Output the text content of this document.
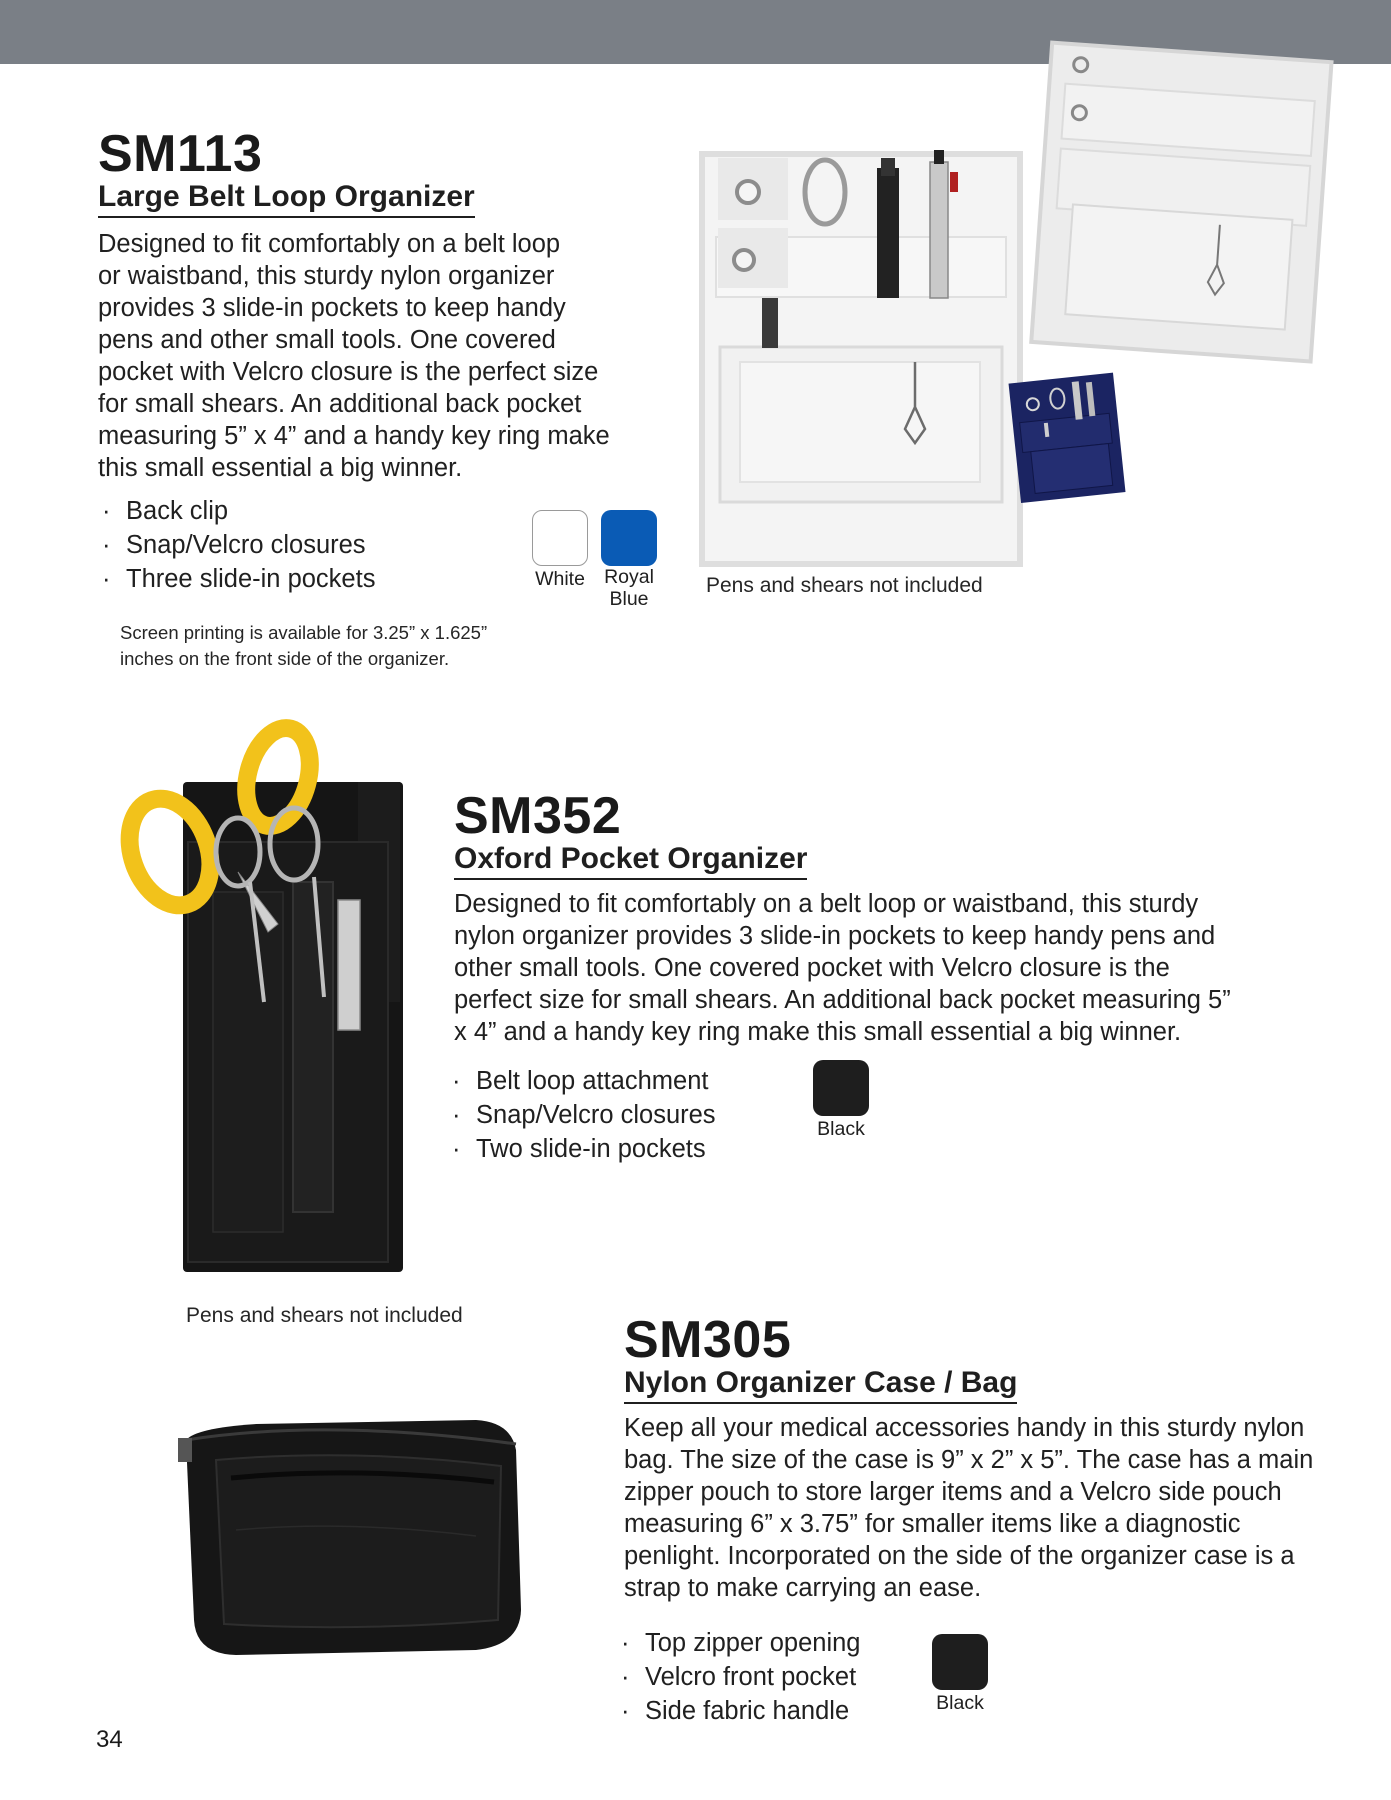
SM113
Large Belt Loop Organizer
Designed to fit comfortably on a belt loop
or waistband, this sturdy nylon organizer
provides 3 slide-in pockets to keep handy
pens and other small tools. One covered
pocket with Velcro closure is the perfect size
for small shears. An additional back pocket
measuring 5” x 4” and a handy key ring make
this small essential a big winner.
· Back clip
· Snap/Velcro closures
· Three slide-in pockets	White Royal
Blue
Screen printing is available for 3.25” x 1.625”
inches on the front side of the organizer.
Pens and shears not included
SM352
Oxford Pocket Organizer
Designed to fit comfortably on a belt loop or waistband, this sturdy
nylon organizer provides 3 slide-in pockets to keep handy pens and
other small tools. One covered pocket with Velcro closure is the
perfect size for small shears. An additional back pocket measuring 5”
x 4” and a handy key ring make this small essential a big winner.
· Belt loop attachment
· Snap/Velcro closures
· Two slide-in pockets
Black
Pens and shears not included	SM305
Nylon Organizer Case / Bag
Keep all your medical accessories handy in this sturdy nylon
bag. The size of the case is 9” x 2” x 5”. The case has a main
zipper pouch to store larger items and a Velcro side pouch
measuring 6” x 3.75” for smaller items like a diagnostic
penlight. Incorporated on the side of the organizer case is a
strap to make carrying an ease.
· Top zipper opening
· Velcro front pocket
· Side fabric handle	Black
34
